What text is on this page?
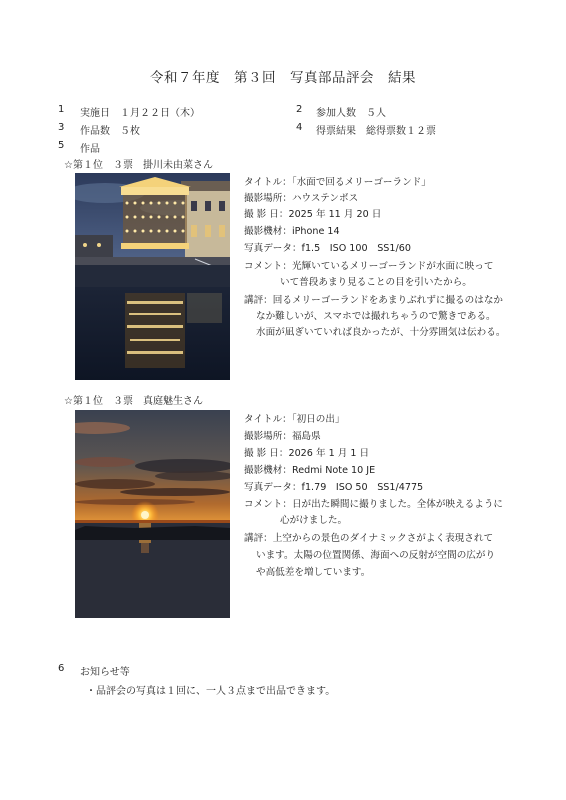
令和７年度　第３回　写真部品評会　結果
1 実施日　１月２２日（木）	2 参加人数　５人
3 作品数　５枚	4 得票結果　総得票数１２票
5 作品
☆第１位　３票　掛川未由菜さん
タイトル：「水面で回るメリーゴーランド」
撮影場所：ハウステンボス
撮 影 日：2025 年 11 月 20 日
撮影機材：iPhone 14
写真データ：f1.5　ISO 100　SS1/60
コメント：光輝いているメリーゴーランドが水面に映って
いて普段あまり見ることの目を引いたから。
講評：回るメリーゴーランドをあまりぶれずに撮るのはなか
なか難しいが、スマホでは撮れちゃうので驚きである。
水面が凪ぎいていれば良かったが、十分雰囲気は伝わる。
☆第１位　３票　真庭魅生さん
タイトル：「初日の出」
撮影場所：福島県
撮 影 日：2026 年 1 月 1 日
撮影機材：Redmi Note 10 JE
写真データ：f1.79　ISO 50　SS1/4775
コメント：日が出た瞬間に撮りました。全体が映えるように
心がけました。
講評：上空からの景色のダイナミックさがよく表現されて
います。太陽の位置関係、海面への反射が空間の広がり
や高低差を増しています。
6 お知らせ等
・品評会の写真は１回に、一人３点まで出品できます。
